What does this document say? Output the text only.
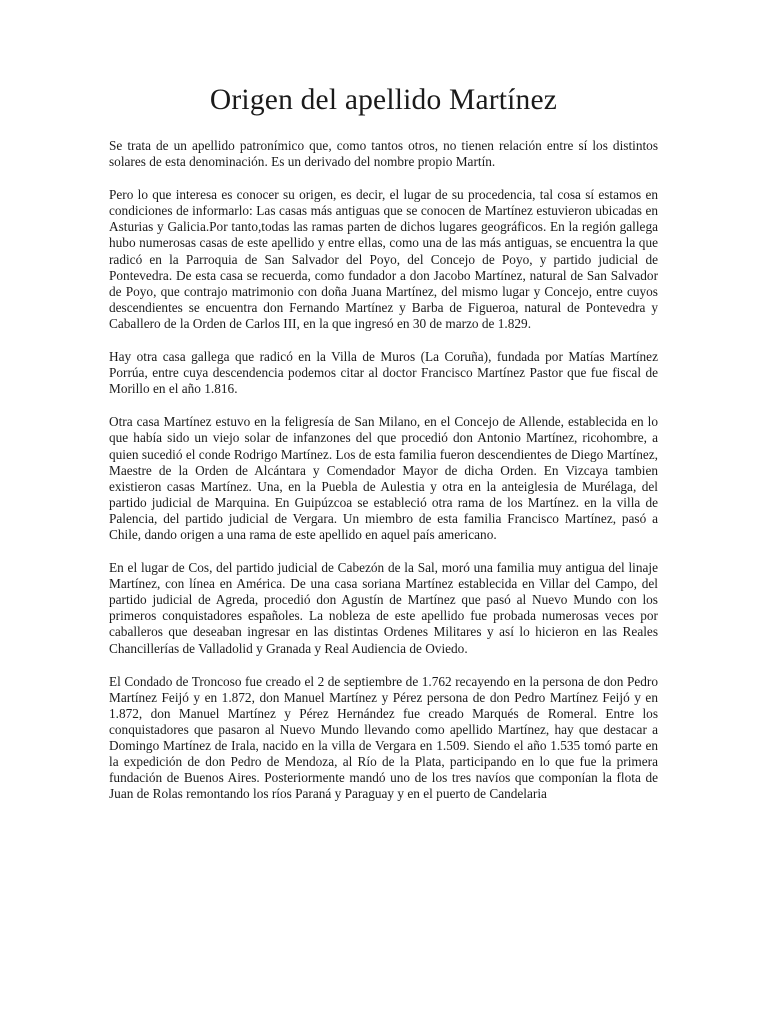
Origen del apellido Martínez

Se trata de un apellido patronímico que, como tantos otros, no tienen relación entre sí los distintos solares de esta denominación. Es un derivado del nombre propio Martín.

Pero lo que interesa es conocer su origen, es decir, el lugar de su procedencia, tal cosa sí estamos en condiciones de informarlo: Las casas más antiguas que se conocen de Martínez estuvieron ubicadas en Asturias y Galicia.Por tanto,todas las ramas parten de dichos lugares geográficos. En la región gallega hubo numerosas casas de este apellido y entre ellas, como una de las más antiguas, se encuentra la que radicó en la Parroquia de San Salvador del Poyo, del Concejo de Poyo, y partido judicial de Pontevedra. De esta casa se recuerda, como fundador a don Jacobo Martínez, natural de San Salvador de Poyo, que contrajo matrimonio con doña Juana Martínez, del mismo lugar y Concejo, entre cuyos descendientes se encuentra don Fernando Martínez y Barba de Figueroa, natural de Pontevedra y Caballero de la Orden de Carlos III, en la que ingresó en 30 de marzo de 1.829.

Hay otra casa gallega que radicó en la Villa de Muros (La Coruña), fundada por Matías Martínez Porrúa, entre cuya descendencia podemos citar al doctor Francisco Martínez Pastor que fue fiscal de Morillo en el año 1.816.

Otra casa Martínez estuvo en la feligresía de San Milano, en el Concejo de Allende, establecida en lo que había sido un viejo solar de infanzones del que procedió don Antonio Martínez, ricohombre, a quien sucedió el conde Rodrigo Martínez. Los de esta familia fueron descendientes de Diego Martínez, Maestre de la Orden de Alcántara y Comendador Mayor de dicha Orden. En Vizcaya tambien existieron casas Martínez. Una, en la Puebla de Aulestia y otra en la anteiglesia de Murélaga, del partido judicial de Marquina. En Guipúzcoa se estableció otra rama de los Martínez. en la villa de Palencia, del partido judicial de Vergara. Un miembro de esta familia Francisco Martínez, pasó a Chile, dando origen a una rama de este apellido en aquel país americano.

En el lugar de Cos, del partido judicial de Cabezón de la Sal, moró una familia muy antigua del linaje Martínez, con línea en América. De una casa soriana Martínez establecida en Villar del Campo, del partido judicial de Agreda, procedió don Agustín de Martínez que pasó al Nuevo Mundo con los primeros conquistadores españoles. La nobleza de este apellido fue probada numerosas veces por caballeros que deseaban ingresar en las distintas Ordenes Militares y así lo hicieron en las Reales Chancillerías de Valladolid y Granada y Real Audiencia de Oviedo.

El Condado de Troncoso fue creado el 2 de septiembre de 1.762 recayendo en la persona de don Pedro Martínez Feijó y en 1.872, don Manuel Martínez y Pérez persona de don Pedro Martínez Feijó y en 1.872, don Manuel Martínez y Pérez Hernández fue creado Marqués de Romeral. Entre los conquistadores que pasaron al Nuevo Mundo llevando como apellido Martínez, hay que destacar a Domingo Martínez de Irala, nacido en la villa de Vergara en 1.509. Siendo el año 1.535 tomó parte en la expedición de don Pedro de Mendoza, al Río de la Plata, participando en lo que fue la primera fundación de Buenos Aires. Posteriormente mandó uno de los tres navíos que componían la flota de Juan de Rolas remontando los ríos Paraná y Paraguay y en el puerto de Candelaria
